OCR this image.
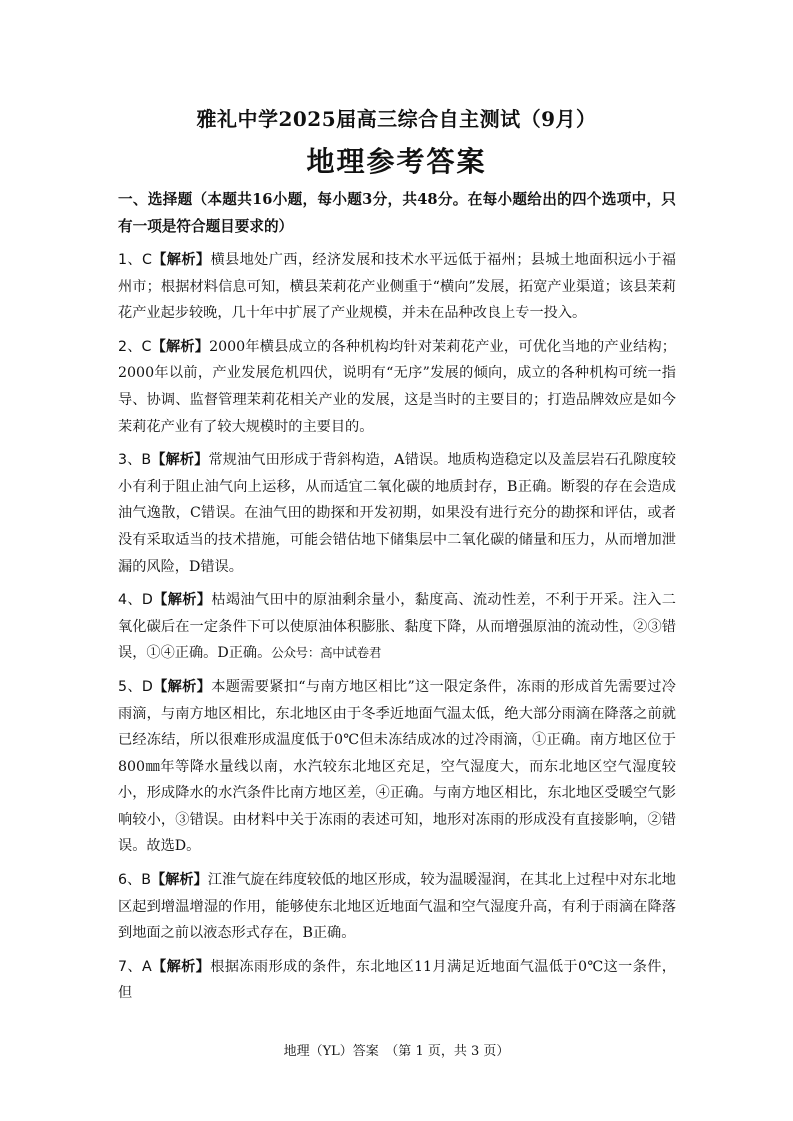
雅礼中学2025届高三综合自主测试（9月）
地理参考答案
一、选择题（本题共16小题，每小题3分，共48分。在每小题给出的四个选项中，只有一项是符合题目要求的）
1、C【解析】横县地处广西，经济发展和技术水平远低于福州；县城土地面积远小于福州市；根据材料信息可知，横县茉莉花产业侧重于“横向”发展，拓宽产业渠道；该县茉莉花产业起步较晚，几十年中扩展了产业规模，并未在品种改良上专一投入。
2、C【解析】2000年横县成立的各种机构均针对茉莉花产业，可优化当地的产业结构；2000年以前，产业发展危机四伏，说明有“无序”发展的倾向，成立的各种机构可统一指导、协调、监督管理茉莉花相关产业的发展，这是当时的主要目的；打造品牌效应是如今茉莉花产业有了较大规模时的主要目的。
3、B【解析】常规油气田形成于背斜构造，A错误。地质构造稳定以及盖层岩石孔隙度较小有利于阻止油气向上运移，从而适宜二氧化碳的地质封存，B正确。断裂的存在会造成油气逸散，C错误。在油气田的勘探和开发初期，如果没有进行充分的勘探和评估，或者没有采取适当的技术措施，可能会错估地下储集层中二氧化碳的储量和压力，从而增加泄漏的风险，D错误。
4、D【解析】枯竭油气田中的原油剩余量小，黏度高、流动性差，不利于开采。注入二氧化碳后在一定条件下可以使原油体积膨胀、黏度下降，从而增强原油的流动性，②③错误，①④正确。D正确。公众号：高中试卷君
5、D【解析】本题需要紧扣“与南方地区相比”这一限定条件，冻雨的形成首先需要过冷雨滴，与南方地区相比，东北地区由于冬季近地面气温太低，绝大部分雨滴在降落之前就已经冻结，所以很难形成温度低于0℃但未冻结成冰的过冷雨滴，①正确。南方地区位于800㎜年等降水量线以南，水汽较东北地区充足，空气湿度大，而东北地区空气湿度较小，形成降水的水汽条件比南方地区差，④正确。与南方地区相比，东北地区受暖空气影响较小，③错误。由材料中关于冻雨的表述可知，地形对冻雨的形成没有直接影响，②错误。故选D。
6、B【解析】江淮气旋在纬度较低的地区形成，较为温暖湿润，在其北上过程中对东北地区起到增温增湿的作用，能够使东北地区近地面气温和空气湿度升高，有利于雨滴在降落到地面之前以液态形式存在，B正确。
7、A【解析】根据冻雨形成的条件，东北地区11月满足近地面气温低于0℃这一条件，但
地理（YL）答案　（第 1 页，共 3 页）
